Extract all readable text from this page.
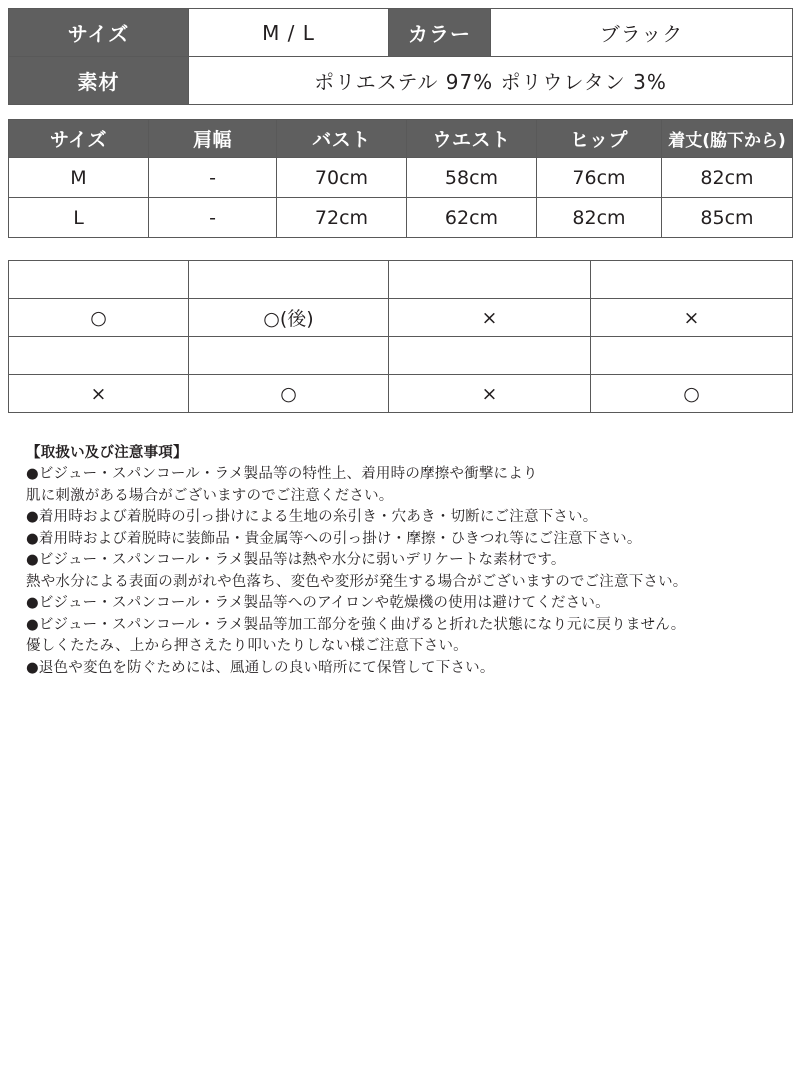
サイズ	M / L	カラー	ブラック
素材	ポリエステル 97% ポリウレタン 3%		
サイズ	肩幅	バスト	ウエスト	ヒップ	着丈(脇下から)
M	-	70cm	58cm	76cm	82cm
L	-	72cm	62cm	82cm	85cm
付属	ファスナー	パッド	透け感
○	○(後)	×	×
裏地	伸縮	ポケット	ストラップ着脱
×	○	×	○
【取扱い及び注意事項】
●ビジュー・スパンコール・ラメ製品等の特性上、着用時の摩擦や衝撃により
肌に刺激がある場合がございますのでご注意ください。
●着用時および着脱時の引っ掛けによる生地の糸引き・穴あき・切断にご注意下さい。
●着用時および着脱時に装飾品・貴金属等への引っ掛け・摩擦・ひきつれ等にご注意下さい。
●ビジュー・スパンコール・ラメ製品等は熱や水分に弱いデリケートな素材です。
熱や水分による表面の剥がれや色落ち、変色や変形が発生する場合がございますのでご注意下さい。
●ビジュー・スパンコール・ラメ製品等へのアイロンや乾燥機の使用は避けてください。
●ビジュー・スパンコール・ラメ製品等加工部分を強く曲げると折れた状態になり元に戻りません。
優しくたたみ、上から押さえたり叩いたりしない様ご注意下さい。
●退色や変色を防ぐためには、風通しの良い暗所にて保管して下さい。
